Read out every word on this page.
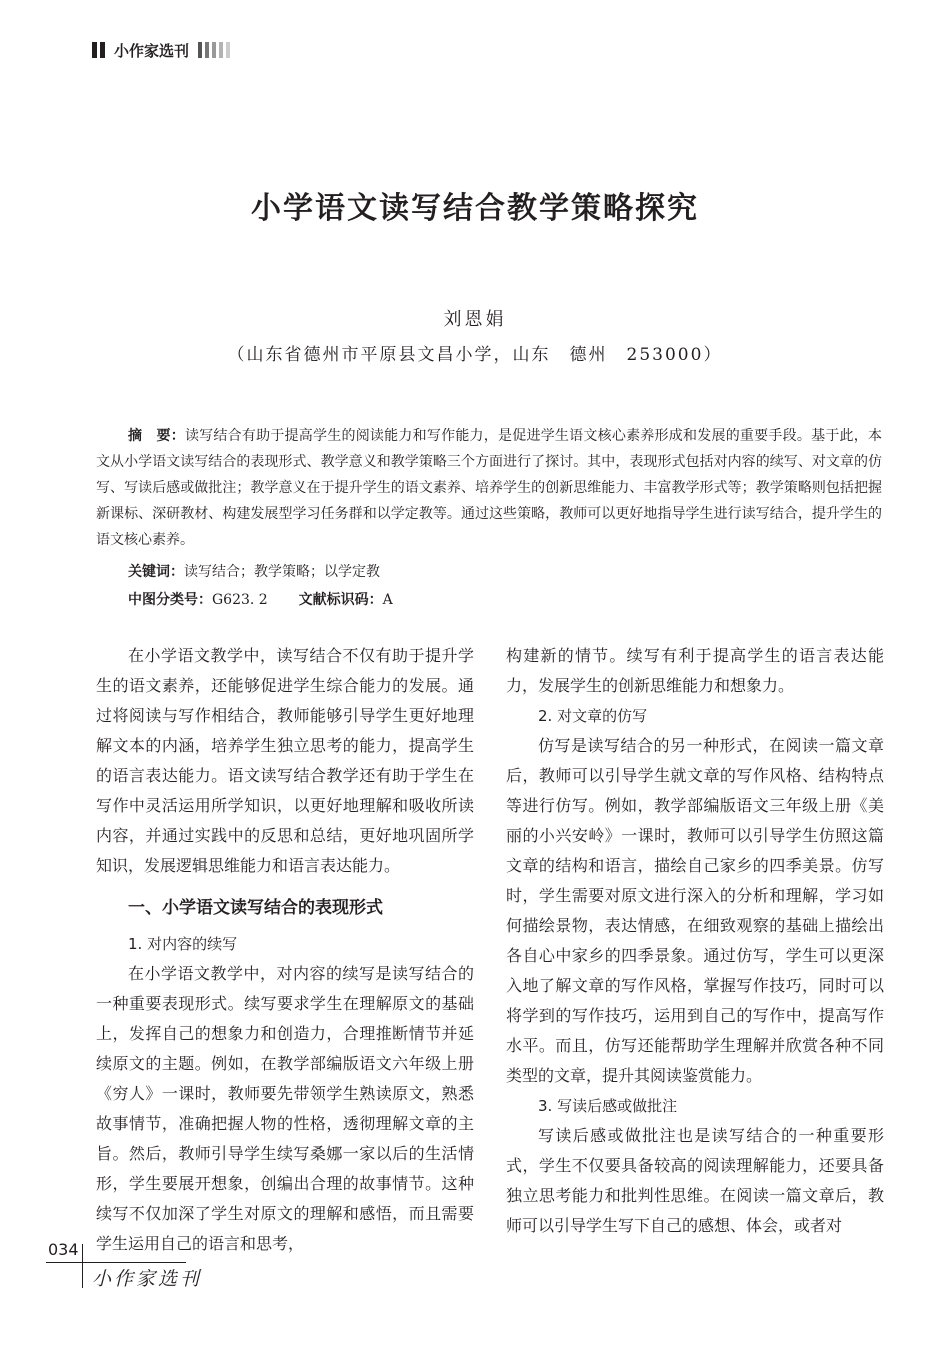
小作家选刊
小学语文读写结合教学策略探究
刘恩娟
（山东省德州市平原县文昌小学，山东　德州　253000）

摘　要：读写结合有助于提高学生的阅读能力和写作能力，是促进学生语文核心素养形成和发展的重要手段。基于此，本文从小学语文读写结合的表现形式、教学意义和教学策略三个方面进行了探讨。其中，表现形式包括对内容的续写、对文章的仿写、写读后感或做批注；教学意义在于提升学生的语文素养、培养学生的创新思维能力、丰富教学形式等；教学策略则包括把握新课标、深研教材、构建发展型学习任务群和以学定教等。通过这些策略，教师可以更好地指导学生进行读写结合，提升学生的语文核心素养。

关键词：读写结合；教学策略；以学定教
中图分类号：G623. 2 文献标识码：A

在小学语文教学中，读写结合不仅有助于提升学生的语文素养，还能够促进学生综合能力的发展。通过将阅读与写作相结合，教师能够引导学生更好地理解文本的内涵，培养学生独立思考的能力，提高学生的语言表达能力。语文读写结合教学还有助于学生在写作中灵活运用所学知识，以更好地理解和吸收所读内容，并通过实践中的反思和总结，更好地巩固所学知识，发展逻辑思维能力和语言表达能力。

一、小学语文读写结合的表现形式
1. 对内容的续写

在小学语文教学中，对内容的续写是读写结合的一种重要表现形式。续写要求学生在理解原文的基础上，发挥自己的想象力和创造力，合理推断情节并延续原文的主题。例如，在教学部编版语文六年级上册《穷人》一课时，教师要先带领学生熟读原文，熟悉故事情节，准确把握人物的性格，透彻理解文章的主旨。然后，教师引导学生续写桑娜一家以后的生活情形，学生要展开想象，创编出合理的故事情节。这种续写不仅加深了学生对原文的理解和感悟，而且需要学生运用自己的语言和思考，

构建新的情节。续写有利于提高学生的语言表达能力，发展学生的创新思维能力和想象力。

2. 对文章的仿写

仿写是读写结合的另一种形式，在阅读一篇文章后，教师可以引导学生就文章的写作风格、结构特点等进行仿写。例如，教学部编版语文三年级上册《美丽的小兴安岭》一课时，教师可以引导学生仿照这篇文章的结构和语言，描绘自己家乡的四季美景。仿写时，学生需要对原文进行深入的分析和理解，学习如何描绘景物，表达情感，在细致观察的基础上描绘出各自心中家乡的四季景象。通过仿写，学生可以更深入地了解文章的写作风格，掌握写作技巧，同时可以将学到的写作技巧，运用到自己的写作中，提高写作水平。而且，仿写还能帮助学生理解并欣赏各种不同类型的文章，提升其阅读鉴赏能力。

3. 写读后感或做批注

写读后感或做批注也是读写结合的一种重要形式，学生不仅要具备较高的阅读理解能力，还要具备独立思考能力和批判性思维。在阅读一篇文章后，教师可以引导学生写下自己的感想、体会，或者对

034
小作家选刊
